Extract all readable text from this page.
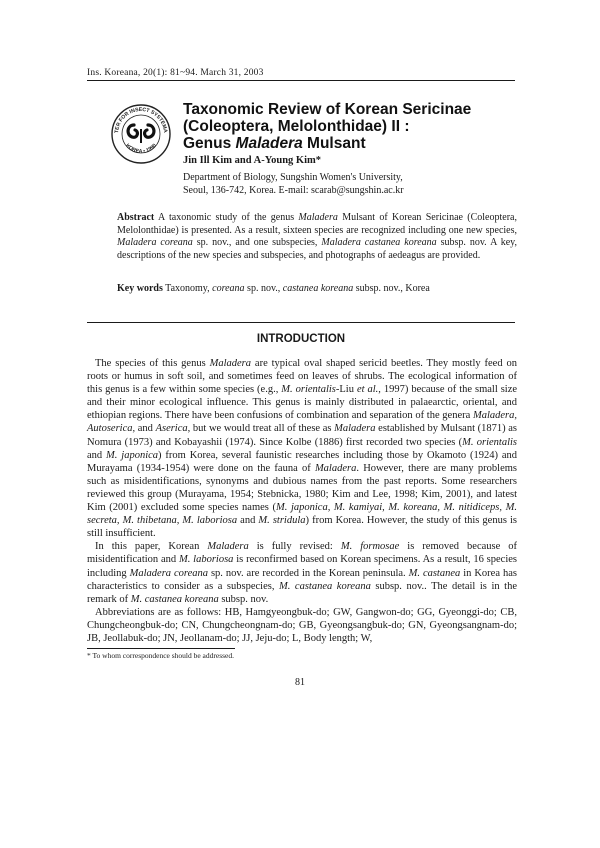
Ins. Koreana, 20(1): 81~94. March 31, 2003
TER FOR INSECT SYSTEMA
KOREA • 1990
Taxonomic Review of Korean Sericinae
(Coleoptera, Melolonthidae) II :
Genus Maladera Mulsant
Jin Ill Kim and A-Young Kim*
Department of Biology, Sungshin Women's University,
Seoul, 136-742, Korea. E-mail: scarab@sungshin.ac.kr
Abstract A taxonomic study of the genus Maladera Mulsant of Korean Sericinae (Coleoptera, Melolonthidae) is presented. As a result, sixteen species are recognized including one new species, Maladera coreana sp. nov., and one subspecies, Maladera castanea koreana subsp. nov. A key, descriptions of the new species and subspecies, and photographs of aedeagus are provided.
Key words Taxonomy, coreana sp. nov., castanea koreana subsp. nov., Korea
INTRODUCTION

The species of this genus Maladera are typical oval shaped sericid beetles. They mostly feed on roots or humus in soft soil, and sometimes feed on leaves of shrubs. The ecological information of this genus is a few within some species (e.g., M. orientalis-Liu et al., 1997) because of the small size and their minor ecological influence. This genus is mainly distributed in palaearctic, oriental, and ethiopian regions. There have been confusions of combination and separation of the genera Maladera, Autoserica, and Aserica, but we would treat all of these as Maladera established by Mulsant (1871) as Nomura (1973) and Kobayashii (1974). Since Kolbe (1886) first recorded two species (M. orientalis and M. japonica) from Korea, several faunistic researches including those by Okamoto (1924) and Murayama (1934-1954) were done on the fauna of Maladera. However, there are many problems such as misidentifications, synonyms and dubious names from the past reports. Some researchers reviewed this group (Murayama, 1954; Stebnicka, 1980; Kim and Lee, 1998; Kim, 2001), and latest Kim (2001) excluded some species names (M. japonica, M. kamiyai, M. koreana, M. nitidiceps, M. secreta, M. thibetana, M. laboriosa and M. stridula) from Korea. However, the study of this genus is still insufficient.

In this paper, Korean Maladera is fully revised: M. formosae is removed because of misidentification and M. laboriosa is reconfirmed based on Korean specimens. As a result, 16 species including Maladera coreana sp. nov. are recorded in the Korean peninsula. M. castanea in Korea has characteristics to consider as a subspecies, M. castanea koreana subsp. nov.. The detail is in the remark of M. castanea koreana subsp. nov.

Abbreviations are as follows: HB, Hamgyeongbuk-do; GW, Gangwon-do; GG, Gyeonggi-do; CB, Chungcheongbuk-do; CN, Chungcheongnam-do; GB, Gyeongsangbuk-do; GN, Gyeongsangnam-do; JB, Jeollabuk-do; JN, Jeollanam-do; JJ, Jeju-do; L, Body length; W,

* To whom correspondence should be addressed.
81
